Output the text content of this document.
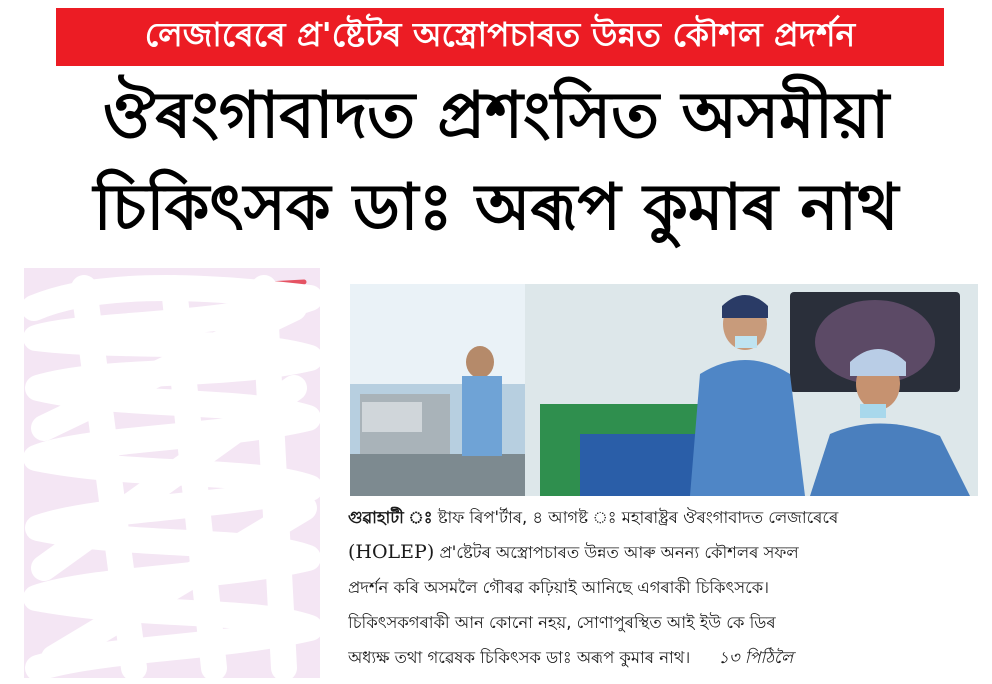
লেজাৰেৰে প্ৰ'ষ্টেটৰ অস্ত্ৰোপচাৰত উন্নত কৌশল প্ৰদৰ্শন
ঔৰংগাবাদত প্ৰশংসিত অসমীয়া
চিকিৎসক ডাঃ অৰূপ কুমাৰ নাথ
গুৱাহাটী ঃ ষ্টাফ ৰিপ'ৰ্টাৰ, ৪ আগষ্ট ঃ মহাৰাষ্ট্ৰৰ ঔৰংগাবাদত লেজাৰেৰে
(HOLEP) প্ৰ'ষ্টেটৰ অস্ত্ৰোপচাৰত উন্নত আৰু অনন্য কৌশলৰ সফল
প্ৰদৰ্শন কৰি অসমলৈ গৌৰৱ কঢ়িয়াই আনিছে এগৰাকী চিকিৎসকে।
চিকিৎসকগৰাকী আন কোনো নহয়, সোণাপুৰস্থিত আই ইউ কে ডিৰ
অধ্যক্ষ তথা গৱেষক চিকিৎসক ডাঃ অৰূপ কুমাৰ নাথ। ১৩ পিঠিলৈ
